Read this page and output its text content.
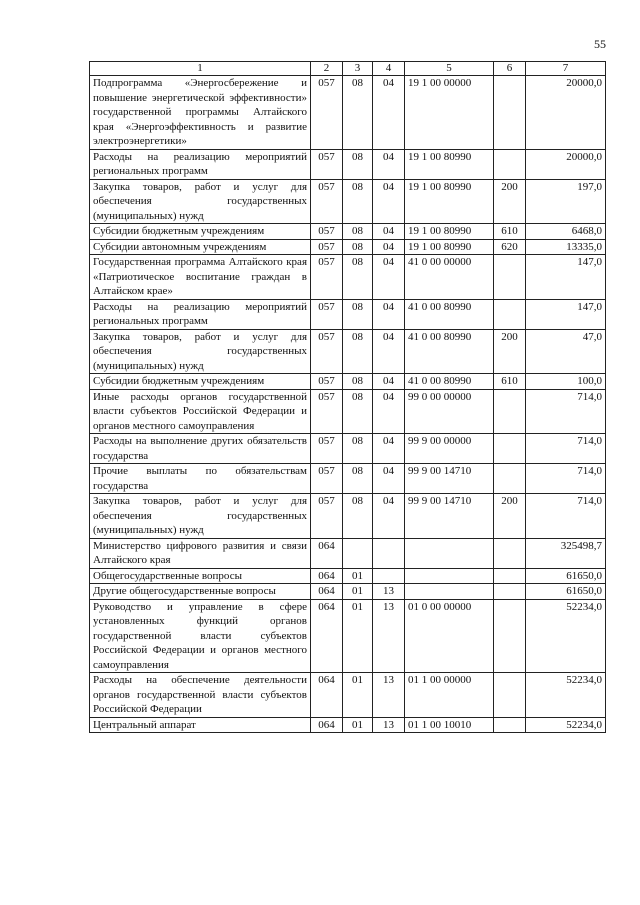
55
1	2	3	4	5	6	7
Подпрограмма «Энергосбережение и повышение энергетической эффективности» государственной программы Алтайского края «Энергоэффективность и развитие электроэнергетики»	057	08	04	19 1 00 00000		20000,0
Расходы на реализацию мероприятий региональных программ	057	08	04	19 1 00 80990		20000,0
Закупка товаров, работ и услуг для обеспечения государственных (муниципальных) нужд	057	08	04	19 1 00 80990	200	197,0
Субсидии бюджетным учреждениям	057	08	04	19 1 00 80990	610	6468,0
Субсидии автономным учреждениям	057	08	04	19 1 00 80990	620	13335,0
Государственная программа Алтайского края «Патриотическое воспитание граждан в Алтайском крае»	057	08	04	41 0 00 00000		147,0
Расходы на реализацию мероприятий региональных программ	057	08	04	41 0 00 80990		147,0
Закупка товаров, работ и услуг для обеспечения государственных (муниципальных) нужд	057	08	04	41 0 00 80990	200	47,0
Субсидии бюджетным учреждениям	057	08	04	41 0 00 80990	610	100,0
Иные расходы органов государственной власти субъектов Российской Федерации и органов местного самоуправления	057	08	04	99 0 00 00000		714,0
Расходы на выполнение других обязательств государства	057	08	04	99 9 00 00000		714,0
Прочие выплаты по обязательствам государства	057	08	04	99 9 00 14710		714,0
Закупка товаров, работ и услуг для обеспечения государственных (муниципальных) нужд	057	08	04	99 9 00 14710	200	714,0
Министерство цифрового развития и связи Алтайского края	064					325498,7
Общегосударственные вопросы	064	01				61650,0
Другие общегосударственные вопросы	064	01	13			61650,0
Руководство и управление в сфере установленных функций органов государственной власти субъектов Российской Федерации и органов местного самоуправления	064	01	13	01 0 00 00000		52234,0
Расходы на обеспечение деятельности органов государственной власти субъектов Российской Федерации	064	01	13	01 1 00 00000		52234,0
Центральный аппарат	064	01	13	01 1 00 10010		52234,0
